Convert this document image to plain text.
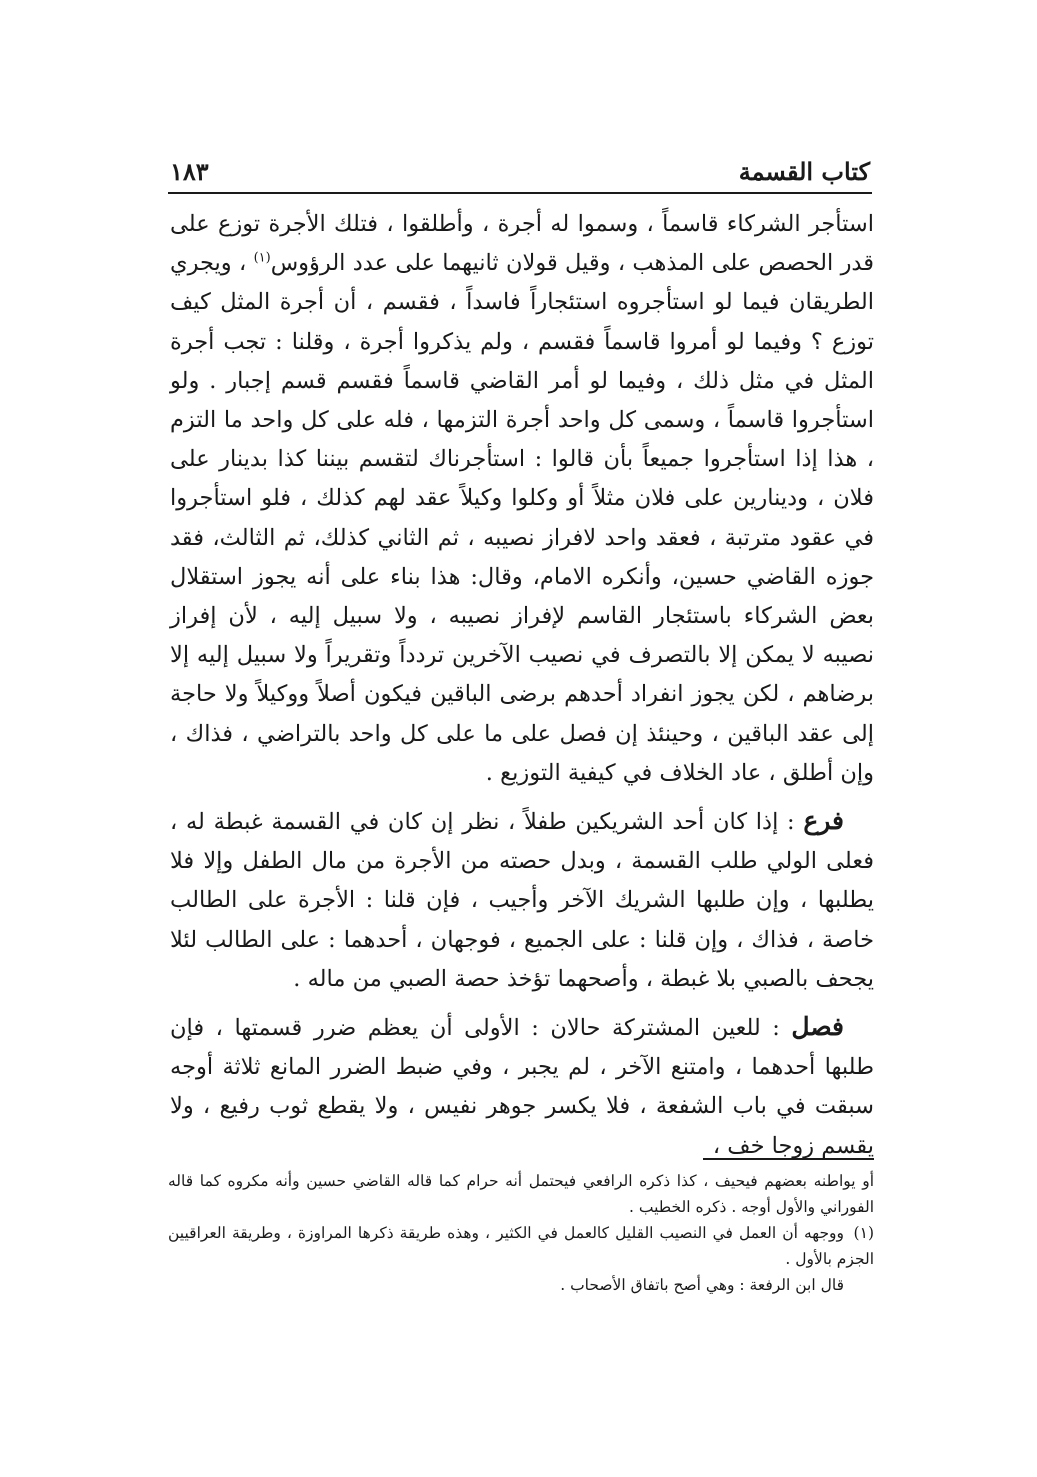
كتاب القسمة
١٨٣

استأجر الشركاء قاسماً ، وسموا له أجرة ، وأطلقوا ، فتلك الأجرة توزع على قدر الحصص على المذهب ، وقيل قولان ثانيهما على عدد الرؤوس$^{(١)}$ ، ويجري الطريقان فيما لو استأجروه استئجاراً فاسداً ، فقسم ، أن أجرة المثل كيف توزع ؟ وفيما لو أمروا قاسماً فقسم ، ولم يذكروا أجرة ، وقلنا : تجب أجرة المثل في مثل ذلك ، وفيما لو أمر القاضي قاسماً فقسم قسم إجبار . ولو استأجروا قاسماً ، وسمى كل واحد أجرة التزمها ، فله على كل واحد ما التزم ، هذا إذا استأجروا جميعاً بأن قالوا : استأجرناك لتقسم بيننا كذا بدينار على فلان ، ودينارين على فلان مثلاً أو وكلوا وكيلاً عقد لهم كذلك ، فلو استأجروا في عقود مترتبة ، فعقد واحد لافراز نصيبه ، ثم الثاني كذلك، ثم الثالث، فقد جوزه القاضي حسين، وأنكره الامام، وقال: هذا بناء على أنه يجوز استقلال بعض الشركاء باستئجار القاسم لإفراز نصيبه ، ولا سبيل إليه ، لأن إفراز نصيبه لا يمكن إلا بالتصرف في نصيب الآخرين تردداً وتقريراً ولا سبيل إليه إلا برضاهم ، لكن يجوز انفراد أحدهم برضى الباقين فيكون أصلاً ووكيلاً ولا حاجة إلى عقد الباقين ، وحينئذ إن فصل على ما على كل واحد بالتراضي ، فذاك ، وإن أطلق ، عاد الخلاف في كيفية التوزيع .

فرع : إذا كان أحد الشريكين طفلاً ، نظر إن كان في القسمة غبطة له ، فعلى الولي طلب القسمة ، وبدل حصته من الأجرة من مال الطفل وإلا فلا يطلبها ، وإن طلبها الشريك الآخر وأجيب ، فإن قلنا : الأجرة على الطالب خاصة ، فذاك ، وإن قلنا : على الجميع ، فوجهان ، أحدهما : على الطالب لئلا يجحف بالصبي بلا غبطة ، وأصحهما تؤخذ حصة الصبي من ماله .

فصل : للعين المشتركة حالان : الأولى أن يعظم ضرر قسمتها ، فإن طلبها أحدهما ، وامتنع الآخر ، لم يجبر ، وفي ضبط الضرر المانع ثلاثة أوجه سبقت في باب الشفعة ، فلا يكسر جوهر نفيس ، ولا يقطع ثوب رفيع ، ولا يقسم زوجا خف ،

أو يواطنه بعضهم فيحيف ، كذا ذكره الرافعي فيحتمل أنه حرام كما قاله القاضي حسين وأنه مكروه كما قاله الفوراني والأول أوجه . ذكره الخطيب .

(١)ووجهه أن العمل في النصيب القليل كالعمل في الكثير ، وهذه طريقة ذكرها المراوزة ، وطريقة العراقيين الجزم بالأول .

قال ابن الرفعة : وهي أصح باتفاق الأصحاب .
